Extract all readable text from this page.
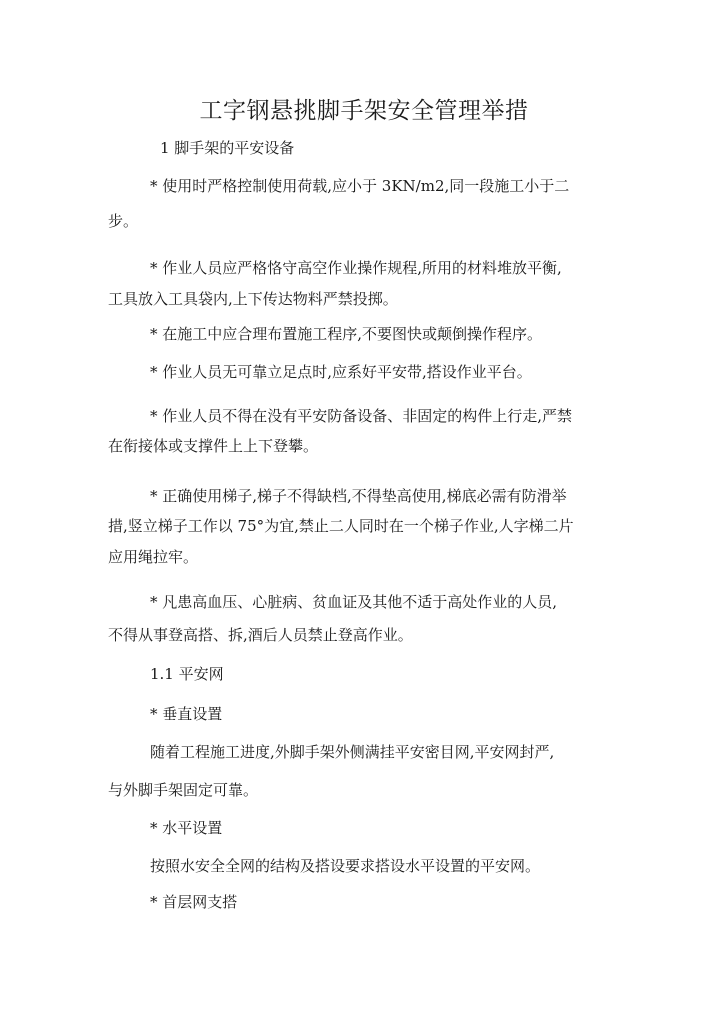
工字钢悬挑脚手架安全管理举措
1 脚手架的平安设备
* 使用时严格控制使用荷载,应小于 3KN/m2,同一段施工小于二
步。
* 作业人员应严格恪守高空作业操作规程,所用的材料堆放平衡,
工具放入工具袋内,上下传达物料严禁投掷。
* 在施工中应合理布置施工程序,不要图快或颠倒操作程序。
* 作业人员无可靠立足点时,应系好平安带,搭设作业平台。
* 作业人员不得在没有平安防备设备、非固定的构件上行走,严禁
在衔接体或支撑件上上下登攀。
* 正确使用梯子,梯子不得缺档,不得垫高使用,梯底必需有防滑举
措,竖立梯子工作以 75°为宜,禁止二人同时在一个梯子作业,人字梯二片
应用绳拉牢。
* 凡患高血压、心脏病、贫血证及其他不适于高处作业的人员,
不得从事登高搭、拆,酒后人员禁止登高作业。
1.1 平安网
* 垂直设置
随着工程施工进度,外脚手架外侧满挂平安密目网,平安网封严,
与外脚手架固定可靠。
* 水平设置
按照水安全全网的结构及搭设要求搭设水平设置的平安网。
* 首层网支搭
